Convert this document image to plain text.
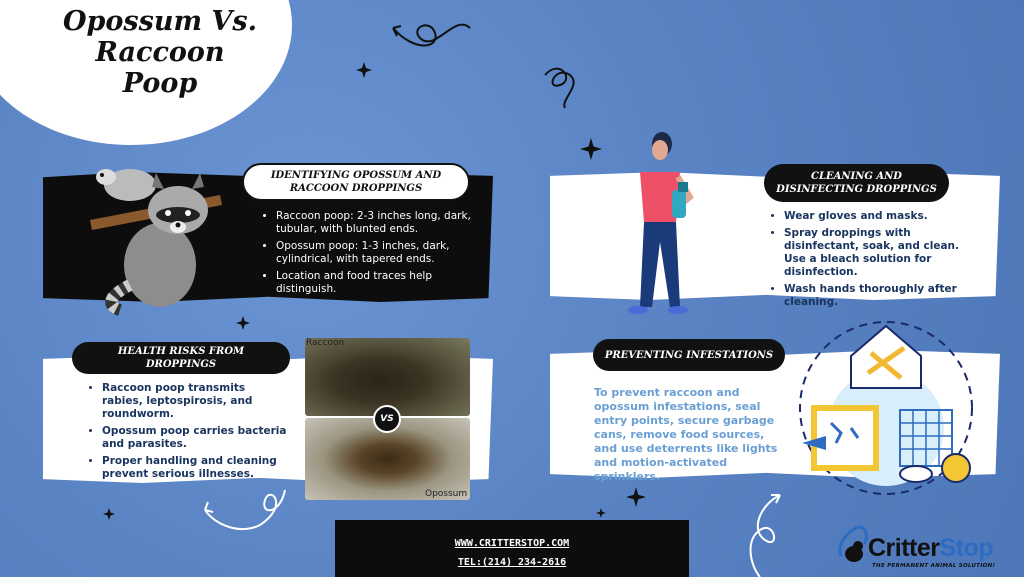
Opossum Vs. Raccoon Poop
IDENTIFYING OPOSSUM AND RACCOON DROPPINGS
• Raccoon poop: 2-3 inches long, dark, tubular, with blunted ends.
• Opossum poop: 1-3 inches, dark, cylindrical, with tapered ends.
• Location and food traces help distinguish.
CLEANING AND DISINFECTING DROPPINGS
• Wear gloves and masks.
• Spray droppings with disinfectant, soak, and clean. Use a bleach solution for disinfection.
• Wash hands thoroughly after cleaning.
HEALTH RISKS FROM DROPPINGS
• Raccoon poop transmits rabies, leptospirosis, and roundworm.
• Opossum poop carries bacteria and parasites.
• Proper handling and cleaning prevent serious illnesses.
Raccoon
Opossum
VS
PREVENTING INFESTATIONS
To prevent raccoon and opossum infestations, seal entry points, secure garbage cans, remove food sources, and use deterrents like lights and motion-activated sprinklers.
WWW.CRITTERSTOP.COM
TEL:(214) 234-2616
CritterStop
THE PERMANENT ANIMAL SOLUTION!
